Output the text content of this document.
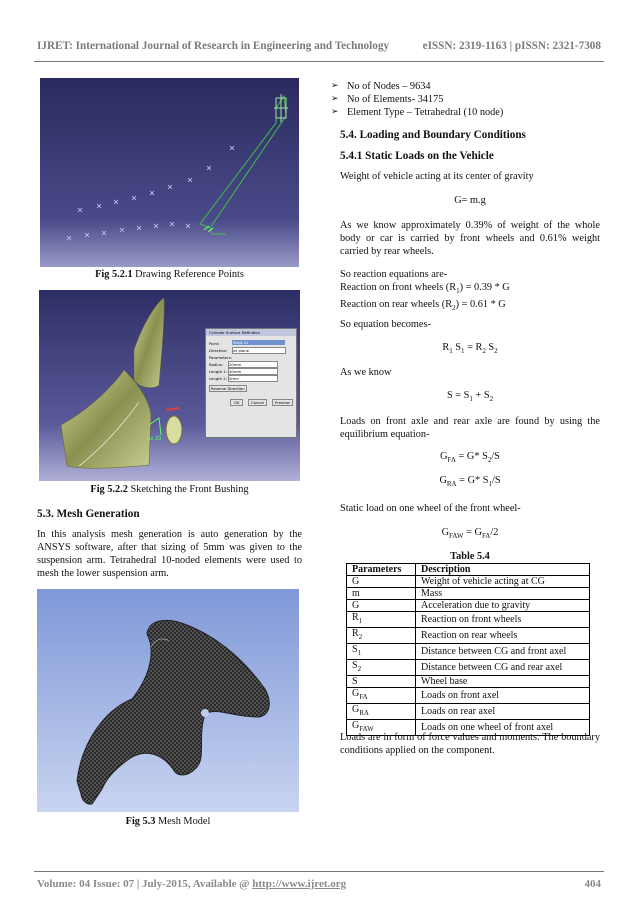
IJRET: International Journal of Research in Engineering and Technology	eISSN: 2319-1163 | pISSN: 2321-7308
Fig 5.2.1 Drawing Reference Points
Ro 20
Cylinder Surface Definition
Point:	Point.31
Direction: zx plane
Parameters:
Radius: 20mm
Length 1: 40mm
Length 2: 5mm
Reverse Direction
OK	Cancel	Preview
Fig 5.2.2 Sketching the Front Bushing
5.3. Mesh Generation
In this analysis mesh generation is auto generation by the ANSYS software, after that sizing of 5mm was given to the suspension arm. Tetrahedral 10-noded elements were used to mesh the lower suspension arm.
Fig 5.3 Mesh Model
➢ No of Nodes – 9634
➢ No of Elements- 34175
➢ Element Type – Tetrahedral (10 node)
5.4. Loading and Boundary Conditions
5.4.1 Static Loads on the Vehicle
Weight of vehicle acting at its center of gravity
G= m.g
As we know approximately 0.39% of weight of the whole body or car is carried by front wheels and 0.61% weight carried by rear wheels.
So reaction equations are-
Reaction on front wheels $(R_1) = 0.39 * G$
Reaction on rear wheels $(R_2) = 0.61 * G$
So equation becomes-
$R_1$ $S_1 = R_2$ $S_2$
As we know
$S = S_1 + S_2$
Loads on front axle and rear axle are found by using the equilibrium equation-
$G_{FA} = G*$ $S_2/S$
$G_{RA} = G*$ $S_1/S$
Static load on one wheel of the front wheel-
$G_{FAW} = G_{FA}/2$
Table 5.4
Parameters	Description
G	Weight of vehicle acting at CG
m	Mass
G	Acceleration due to gravity
$R_1$	Reaction on front wheels
$R_2$	Reaction on rear wheels
$S_1$	Distance between CG and front axel
$S_2$	Distance between CG and rear axel
S	Wheel base
$G_{FA}$	Loads on front axel
$G_{RA}$	Loads on rear axel
$G_{FAW}$	Loads on one wheel of front axel
Loads are in form of force values and moments. The boundary conditions applied on the component.
Volume: 04 Issue: 07 | July-2015, Available @ http://www.ijret.org	404
